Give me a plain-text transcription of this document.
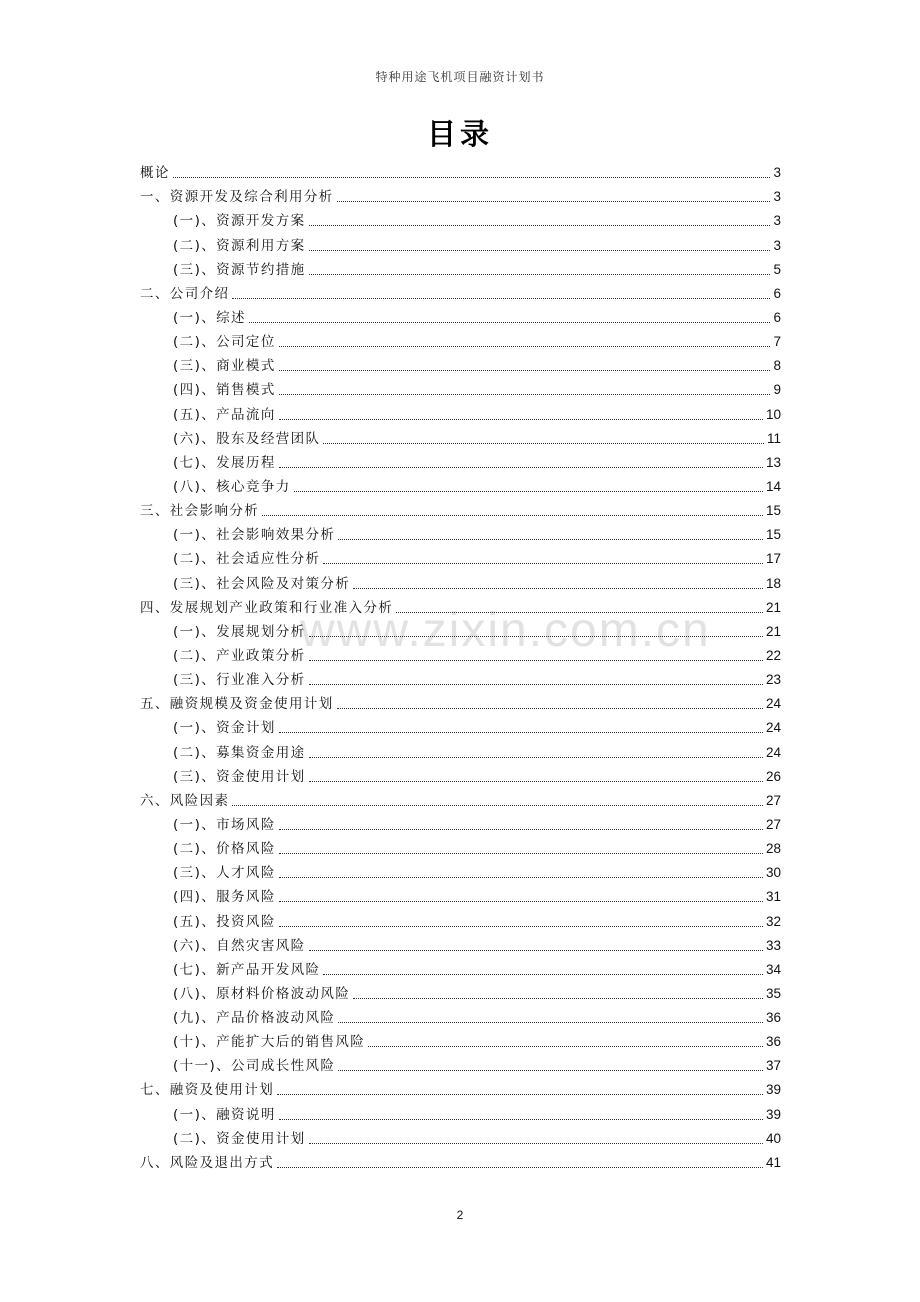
特种用途飞机项目融资计划书
目录
www.zixin.com.cn
概论	3
一、资源开发及综合利用分析	3
(一)、资源开发方案	3
(二)、资源利用方案	3
(三)、资源节约措施	5
二、公司介绍	6
(一)、综述	6
(二)、公司定位	7
(三)、商业模式	8
(四)、销售模式	9
(五)、产品流向	10
(六)、股东及经营团队	11
(七)、发展历程	13
(八)、核心竞争力	14
三、社会影响分析	15
(一)、社会影响效果分析	15
(二)、社会适应性分析	17
(三)、社会风险及对策分析	18
四、发展规划产业政策和行业准入分析	21
(一)、发展规划分析	21
(二)、产业政策分析	22
(三)、行业准入分析	23
五、融资规模及资金使用计划	24
(一)、资金计划	24
(二)、募集资金用途	24
(三)、资金使用计划	26
六、风险因素	27
(一)、市场风险	27
(二)、价格风险	28
(三)、人才风险	30
(四)、服务风险	31
(五)、投资风险	32
(六)、自然灾害风险	33
(七)、新产品开发风险	34
(八)、原材料价格波动风险	35
(九)、产品价格波动风险	36
(十)、产能扩大后的销售风险	36
(十一)、公司成长性风险	37
七、融资及使用计划	39
(一)、融资说明	39
(二)、资金使用计划	40
八、风险及退出方式	41
2
